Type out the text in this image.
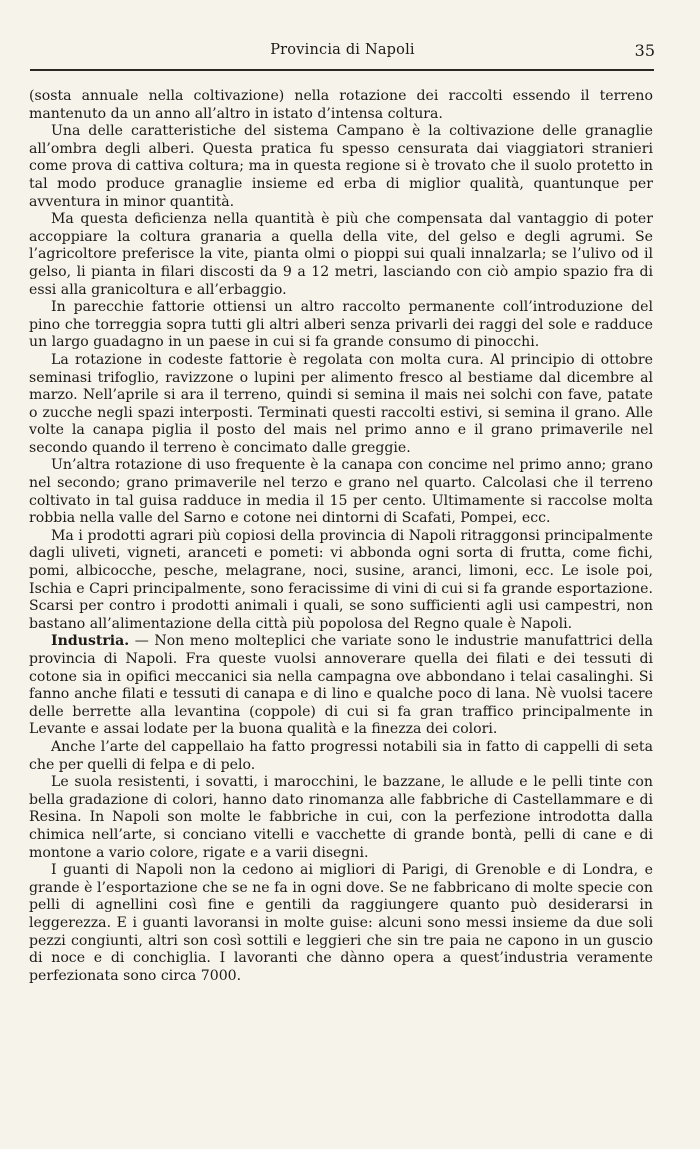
Provincia di Napoli	35

(sosta annuale nella coltivazione) nella rotazione dei raccolti essendo il terreno mantenuto da un anno all’altro in istato d’intensa coltura.

Una delle caratteristiche del sistema Campano è la coltivazione delle granaglie all’ombra degli alberi. Questa pratica fu spesso censurata dai viaggiatori stranieri come prova di cattiva coltura; ma in questa regione si è trovato che il suolo protetto in tal modo produce granaglie insieme ed erba di miglior qualità, quantunque per avventura in minor quantità.

Ma questa deficienza nella quantità è più che compensata dal vantaggio di poter accoppiare la coltura granaria a quella della vite, del gelso e degli agrumi. Se l’agricoltore preferisce la vite, pianta olmi o pioppi sui quali innalzarla; se l’ulivo od il gelso, li pianta in filari discosti da 9 a 12 metri, lasciando con ciò ampio spazio fra di essi alla granicoltura e all’erbaggio.

In parecchie fattorie ottiensi un altro raccolto permanente coll’introduzione del pino che torreggia sopra tutti gli altri alberi senza privarli dei raggi del sole e radduce un largo guadagno in un paese in cui si fa grande consumo di pinocchi.

La rotazione in codeste fattorie è regolata con molta cura. Al principio di ottobre seminasi trifoglio, ravizzone o lupini per alimento fresco al bestiame dal dicembre al marzo. Nell’aprile si ara il terreno, quindi si semina il mais nei solchi con fave, patate o zucche negli spazi interposti. Terminati questi raccolti estivi, si semina il grano. Alle volte la canapa piglia il posto del mais nel primo anno e il grano primaverile nel secondo quando il terreno è concimato dalle greggie.

Un’altra rotazione di uso frequente è la canapa con concime nel primo anno; grano nel secondo; grano primaverile nel terzo e grano nel quarto. Calcolasi che il terreno coltivato in tal guisa radduce in media il 15 per cento. Ultimamente si raccolse molta robbia nella valle del Sarno e cotone nei dintorni di Scafati, Pompei, ecc.

Ma i prodotti agrari più copiosi della provincia di Napoli ritraggonsi principalmente dagli uliveti, vigneti, aranceti e pometi: vi abbonda ogni sorta di frutta, come fichi, pomi, albicocche, pesche, melagrane, noci, susine, aranci, limoni, ecc. Le isole poi, Ischia e Capri principalmente, sono feracissime di vini di cui si fa grande esportazione. Scarsi per contro i prodotti animali i quali, se sono sufficienti agli usi campestri, non bastano all’alimentazione della città più popolosa del Regno quale è Napoli.

Industria. — Non meno molteplici che variate sono le industrie manufattrici della provincia di Napoli. Fra queste vuolsi annoverare quella dei filati e dei tessuti di cotone sia in opifici meccanici sia nella campagna ove abbondano i telai casalinghi. Si fanno anche filati e tessuti di canapa e di lino e qualche poco di lana. Nè vuolsi tacere delle berrette alla levantina (coppole) di cui si fa gran traffico principalmente in Levante e assai lodate per la buona qualità e la finezza dei colori.

Anche l’arte del cappellaio ha fatto progressi notabili sia in fatto di cappelli di seta che per quelli di felpa e di pelo.

Le suola resistenti, i sovatti, i marocchini, le bazzane, le allude e le pelli tinte con bella gradazione di colori, hanno dato rinomanza alle fabbriche di Castellammare e di Resina. In Napoli son molte le fabbriche in cui, con la perfezione introdotta dalla chimica nell’arte, si conciano vitelli e vacchette di grande bontà, pelli di cane e di montone a vario colore, rigate e a varii disegni.

I guanti di Napoli non la cedono ai migliori di Parigi, di Grenoble e di Londra, e grande è l’esportazione che se ne fa in ogni dove. Se ne fabbricano di molte specie con pelli di agnellini così fine e gentili da raggiungere quanto può desiderarsi in leggerezza. E i guanti lavoransi in molte guise: alcuni sono messi insieme da due soli pezzi congiunti, altri son così sottili e leggieri che sin tre paia ne capono in un guscio di noce e di conchiglia. I lavoranti che dànno opera a quest’industria veramente perfezionata sono circa 7000.
